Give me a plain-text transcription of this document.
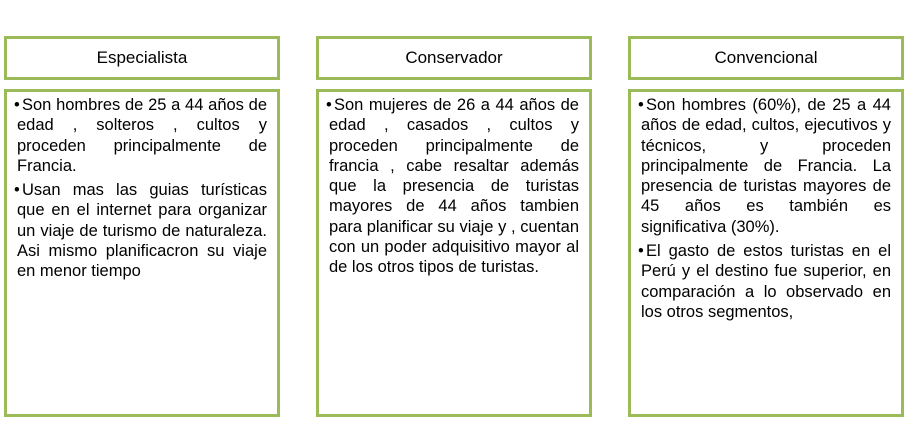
Especialista
• Son hombres de 25 a 44 años de edad , solteros , cultos y proceden principalmente de Francia.
• Usan mas las guias turísticas que en el internet para organizar un viaje de turismo de naturaleza. Asi mismo planificacron su viaje en menor tiempo
Conservador
• Son mujeres de 26 a 44 años de edad , casados , cultos y proceden principalmente de francia , cabe resaltar además que la presencia de turistas mayores de 44 años tambien para planificar su viaje y , cuentan con un poder adquisitivo mayor al de los otros tipos de turistas.
Convencional
• Son hombres (60%), de 25 a 44 años de edad, cultos, ejecutivos y técnicos, y proceden principalmente de Francia. La presencia de turistas mayores de 45 años es también es significativa (30%).
• El gasto de estos turistas en el Perú y el destino fue superior, en comparación a lo observado en los otros segmentos,
